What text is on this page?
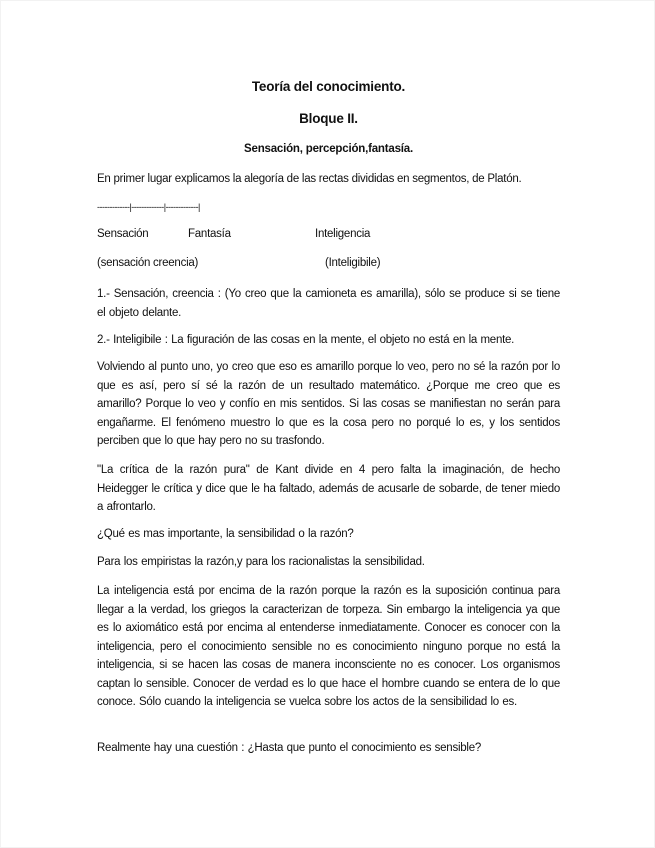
Teoría del conocimiento.
Bloque II.
Sensación, percepción,fantasía.
En primer lugar explicamos la alegoría de las rectas divididas en segmentos, de Platón.
-------------|-------------|-------------|
Sensación	Fantasía	Inteligencia
(sensación creencia)	(Inteligibile)
1.- Sensación, creencia : (Yo creo que la camioneta es amarilla), sólo se produce si se tiene el objeto delante.
2.- Inteligibile : La figuración de las cosas en la mente, el objeto no está en la mente.
Volviendo al punto uno, yo creo que eso es amarillo porque lo veo, pero no sé la razón por lo que es así, pero sí sé la razón de un resultado matemático. ¿Porque me creo que es amarillo? Porque lo veo y confío en mis sentidos. Si las cosas se manifiestan no serán para engañarme. El fenómeno muestro lo que es la cosa pero no porqué lo es, y los sentidos perciben que lo que hay pero no su trasfondo.
"La crítica de la razón pura" de Kant divide en 4 pero falta la imaginación, de hecho Heidegger le crítica y dice que le ha faltado, además de acusarle de sobarde, de tener miedo a afrontarlo.
¿Qué es mas importante, la sensibilidad o la razón?
Para los empiristas la razón,y para los racionalistas la sensibilidad.
La inteligencia está por encima de la razón porque la razón es la suposición continua para llegar a la verdad, los griegos la caracterizan de torpeza. Sin embargo la inteligencia ya que es lo axiomático está por encima al entenderse inmediatamente. Conocer es conocer con la inteligencia, pero el conocimiento sensible no es conocimiento ninguno porque no está la inteligencia, si se hacen las cosas de manera inconsciente no es conocer. Los organismos captan lo sensible. Conocer de verdad es lo que hace el hombre cuando se entera de lo que conoce. Sólo cuando la inteligencia se vuelca sobre los actos de la sensibilidad lo es.
Realmente hay una cuestión : ¿Hasta que punto el conocimiento es sensible?
